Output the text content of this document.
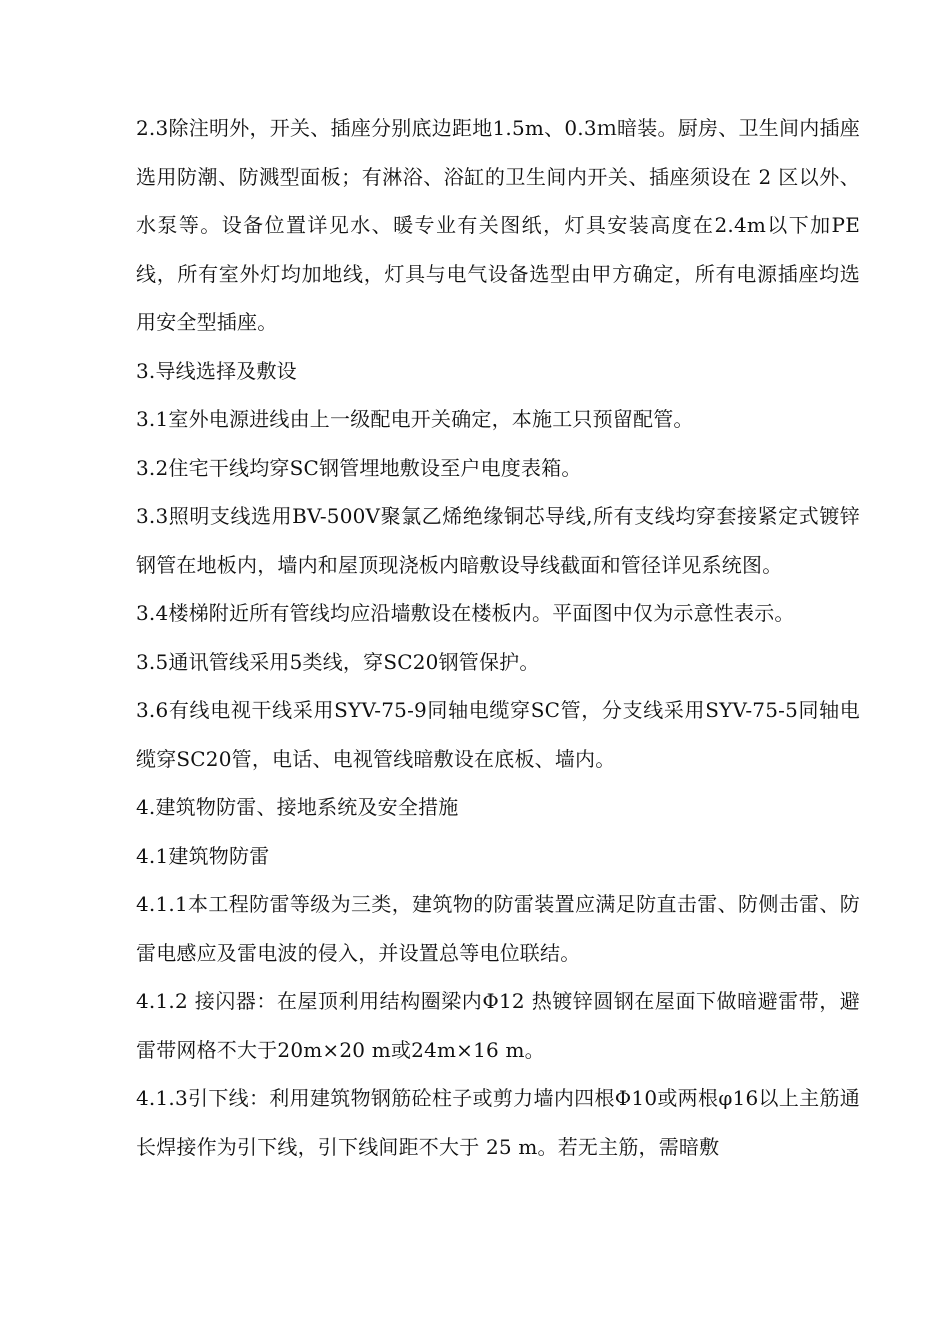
2.3除注明外，开关、插座分别底边距地1.5m、0.3ｍ暗装。厨房、卫生间内插座选用防潮、防溅型面板；有淋浴、浴缸的卫生间内开关、插座须设在 2 区以外、水泵等。设备位置详见水、暖专业有关图纸，灯具安装高度在2.4m以下加PE线，所有室外灯均加地线，灯具与电气设备选型由甲方确定，所有电源插座均选用安全型插座。

3.导线选择及敷设

3.1室外电源进线由上一级配电开关确定，本施工只预留配管。

3.2住宅干线均穿SC钢管埋地敷设至户电度表箱。

3.3照明支线选用BV-500V聚氯乙烯绝缘铜芯导线,所有支线均穿套接紧定式镀锌钢管在地板内，墙内和屋顶现浇板内暗敷设导线截面和管径详见系统图。

3.4楼梯附近所有管线均应沿墙敷设在楼板内。平面图中仅为示意性表示。

3.5通讯管线采用5类线，穿SC20钢管保护。

3.6有线电视干线采用SYV-75-9同轴电缆穿SC管，分支线采用SYV-75-5同轴电缆穿SC20管，电话、电视管线暗敷设在底板、墙内。

4.建筑物防雷、接地系统及安全措施

4.1建筑物防雷

4.1.1本工程防雷等级为三类，建筑物的防雷装置应满足防直击雷、防侧击雷、防雷电感应及雷电波的侵入，并设置总等电位联结。

4.1.2 接闪器：在屋顶利用结构圈梁内Φ12 热镀锌圆钢在屋面下做暗避雷带，避雷带网格不大于20m×20 m或24m×16 m。

4.1.3引下线：利用建筑物钢筋砼柱子或剪力墙内四根Φ10或两根φ16以上主筋通长焊接作为引下线，引下线间距不大于 25 m。若无主筋，需暗敷
